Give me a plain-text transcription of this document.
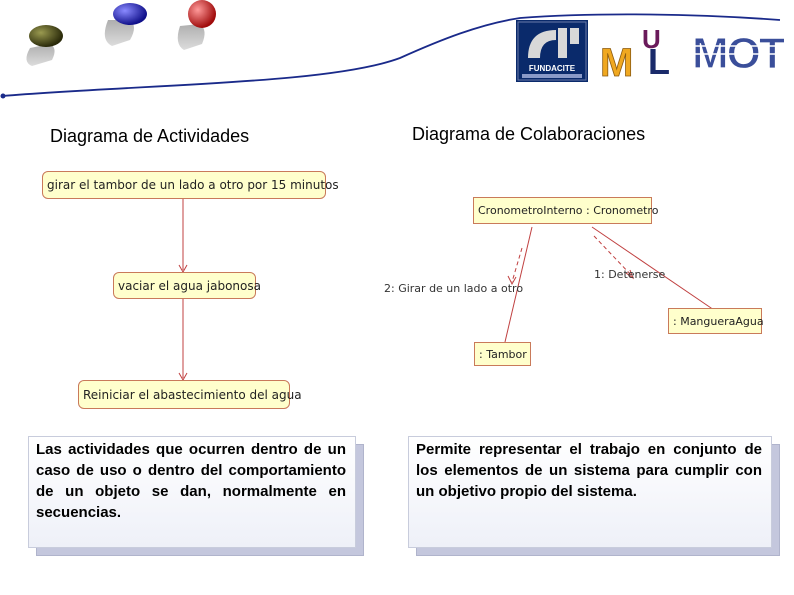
FUNDACITE
U
M L MOT
Diagrama de Actividades
girar el tambor de un lado a otro por 15 minutos
vaciar el agua jabonosa
Reiniciar el abastecimiento del agua
Diagrama de Colaboraciones
CronometroInterno : Cronometro
: MangueraAgua
: Tambor
1: Detenerse
2: Girar de un lado a otro
Las actividades que ocurren dentro de un caso de uso o dentro del comportamiento de un objeto se dan, normalmente en secuencias.
Permite representar el trabajo en conjunto de los elementos de un sistema para cumplir con un objetivo propio del sistema.
